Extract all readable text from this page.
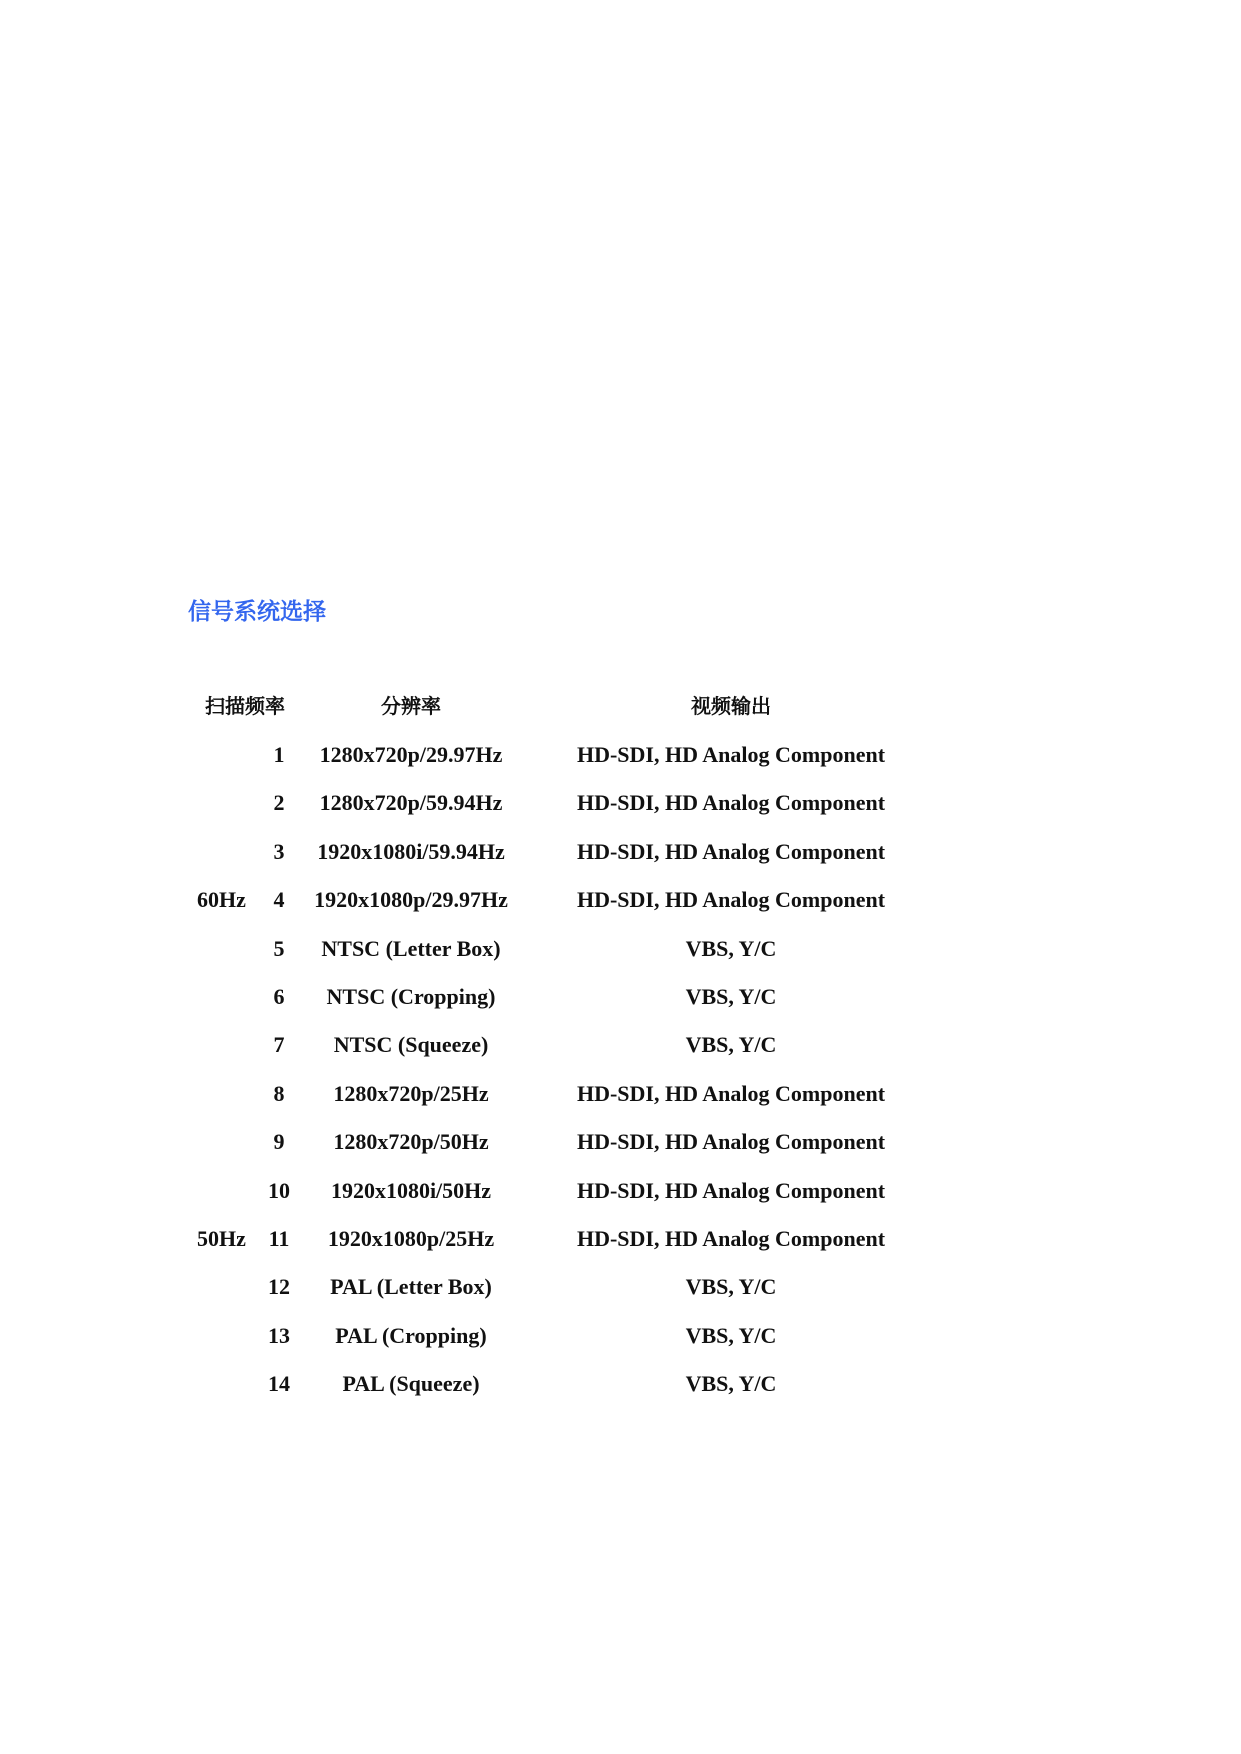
信号系统选择
扫描频率	分辨率	视频输出
1 1280x720p/29.97Hz	HD-SDI, HD Analog Component
2 1280x720p/59.94Hz	HD-SDI, HD Analog Component
3 1920x1080i/59.94Hz	HD-SDI, HD Analog Component
60Hz 4 1920x1080p/29.97Hz	HD-SDI, HD Analog Component
5 NTSC (Letter Box)	VBS, Y/C
6 NTSC (Cropping)	VBS, Y/C
7 NTSC (Squeeze)	VBS, Y/C
8 1280x720p/25Hz	HD-SDI, HD Analog Component
9 1280x720p/50Hz	HD-SDI, HD Analog Component
10 1920x1080i/50Hz	HD-SDI, HD Analog Component
50Hz 11 1920x1080p/25Hz	HD-SDI, HD Analog Component
12 PAL (Letter Box)	VBS, Y/C
13 PAL (Cropping)	VBS, Y/C
14 PAL (Squeeze)	VBS, Y/C
